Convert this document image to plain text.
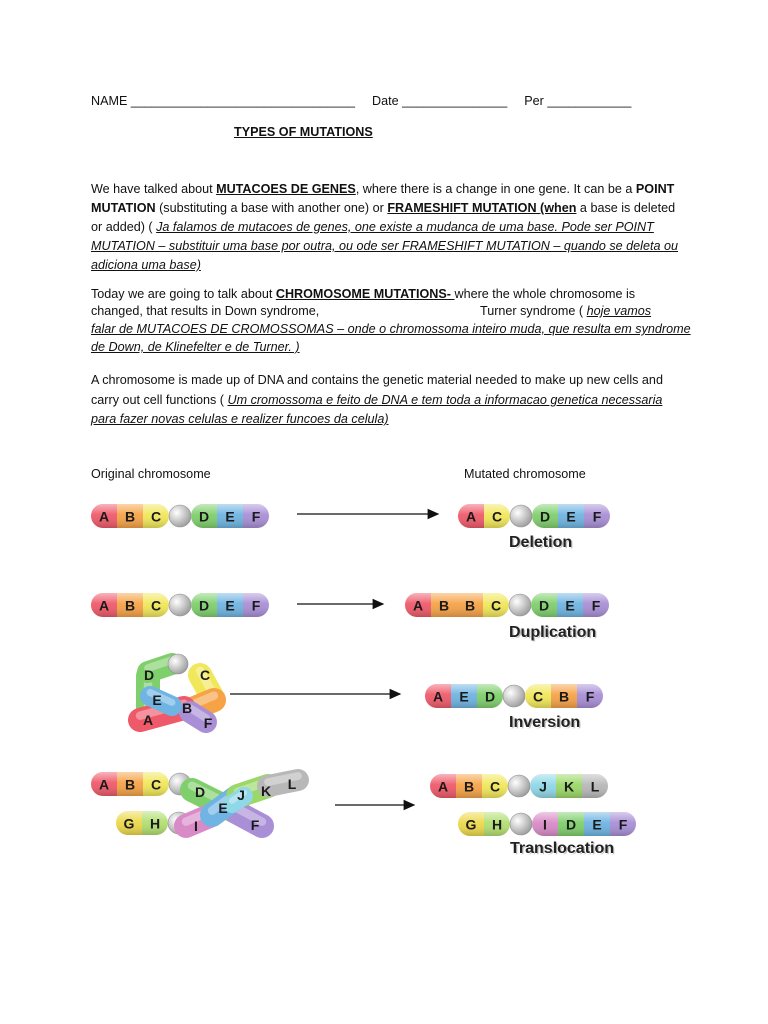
NAME ________________________________ Date _______________ Per ____________
TYPES OF MUTATIONS
We have talked about MUTACOES DE GENES, where there is a change in one gene. It can be a POINT
MUTATION (substituting a base with another one) or FRAMESHIFT MUTATION (when a base is deleted
or added) ( Ja falamos de mutacoes de genes, one existe a mudanca de uma base. Pode ser POINT
MUTATION – substituir uma base por outra, ou ode ser FRAMESHIFT MUTATION – quando se deleta ou
adiciona uma base)
Today we are going to talk about CHROMOSOME MUTATIONS- where the whole chromosome is
changed, that results in Down syndrome,	Turner syndrome ( hoje vamos
falar de MUTACOES DE CROMOSSOMAS – onde o chromossoma inteiro muda, que resulta em syndrome
de Down, de Klinefelter e de Turner. )
A chromosome is made up of DNA and contains the genetic material needed to make up new cells and
carry out cell functions ( Um cromossoma e feito de DNA e tem toda a informacao genetica necessaria
para fazer novas celulas e realizer funcoes da celula)
Original chromosome	Mutated chromosome
Deletion
Duplication
Inversion
Translocation
A B C	D E F	A C	D E F
A B C	D E F	A B B C	D E F
D	C
E B
A	F
A E D	C B F
A B C
G H
D
I
E
J K L
F
A B C	J K L
G H	I D E F
